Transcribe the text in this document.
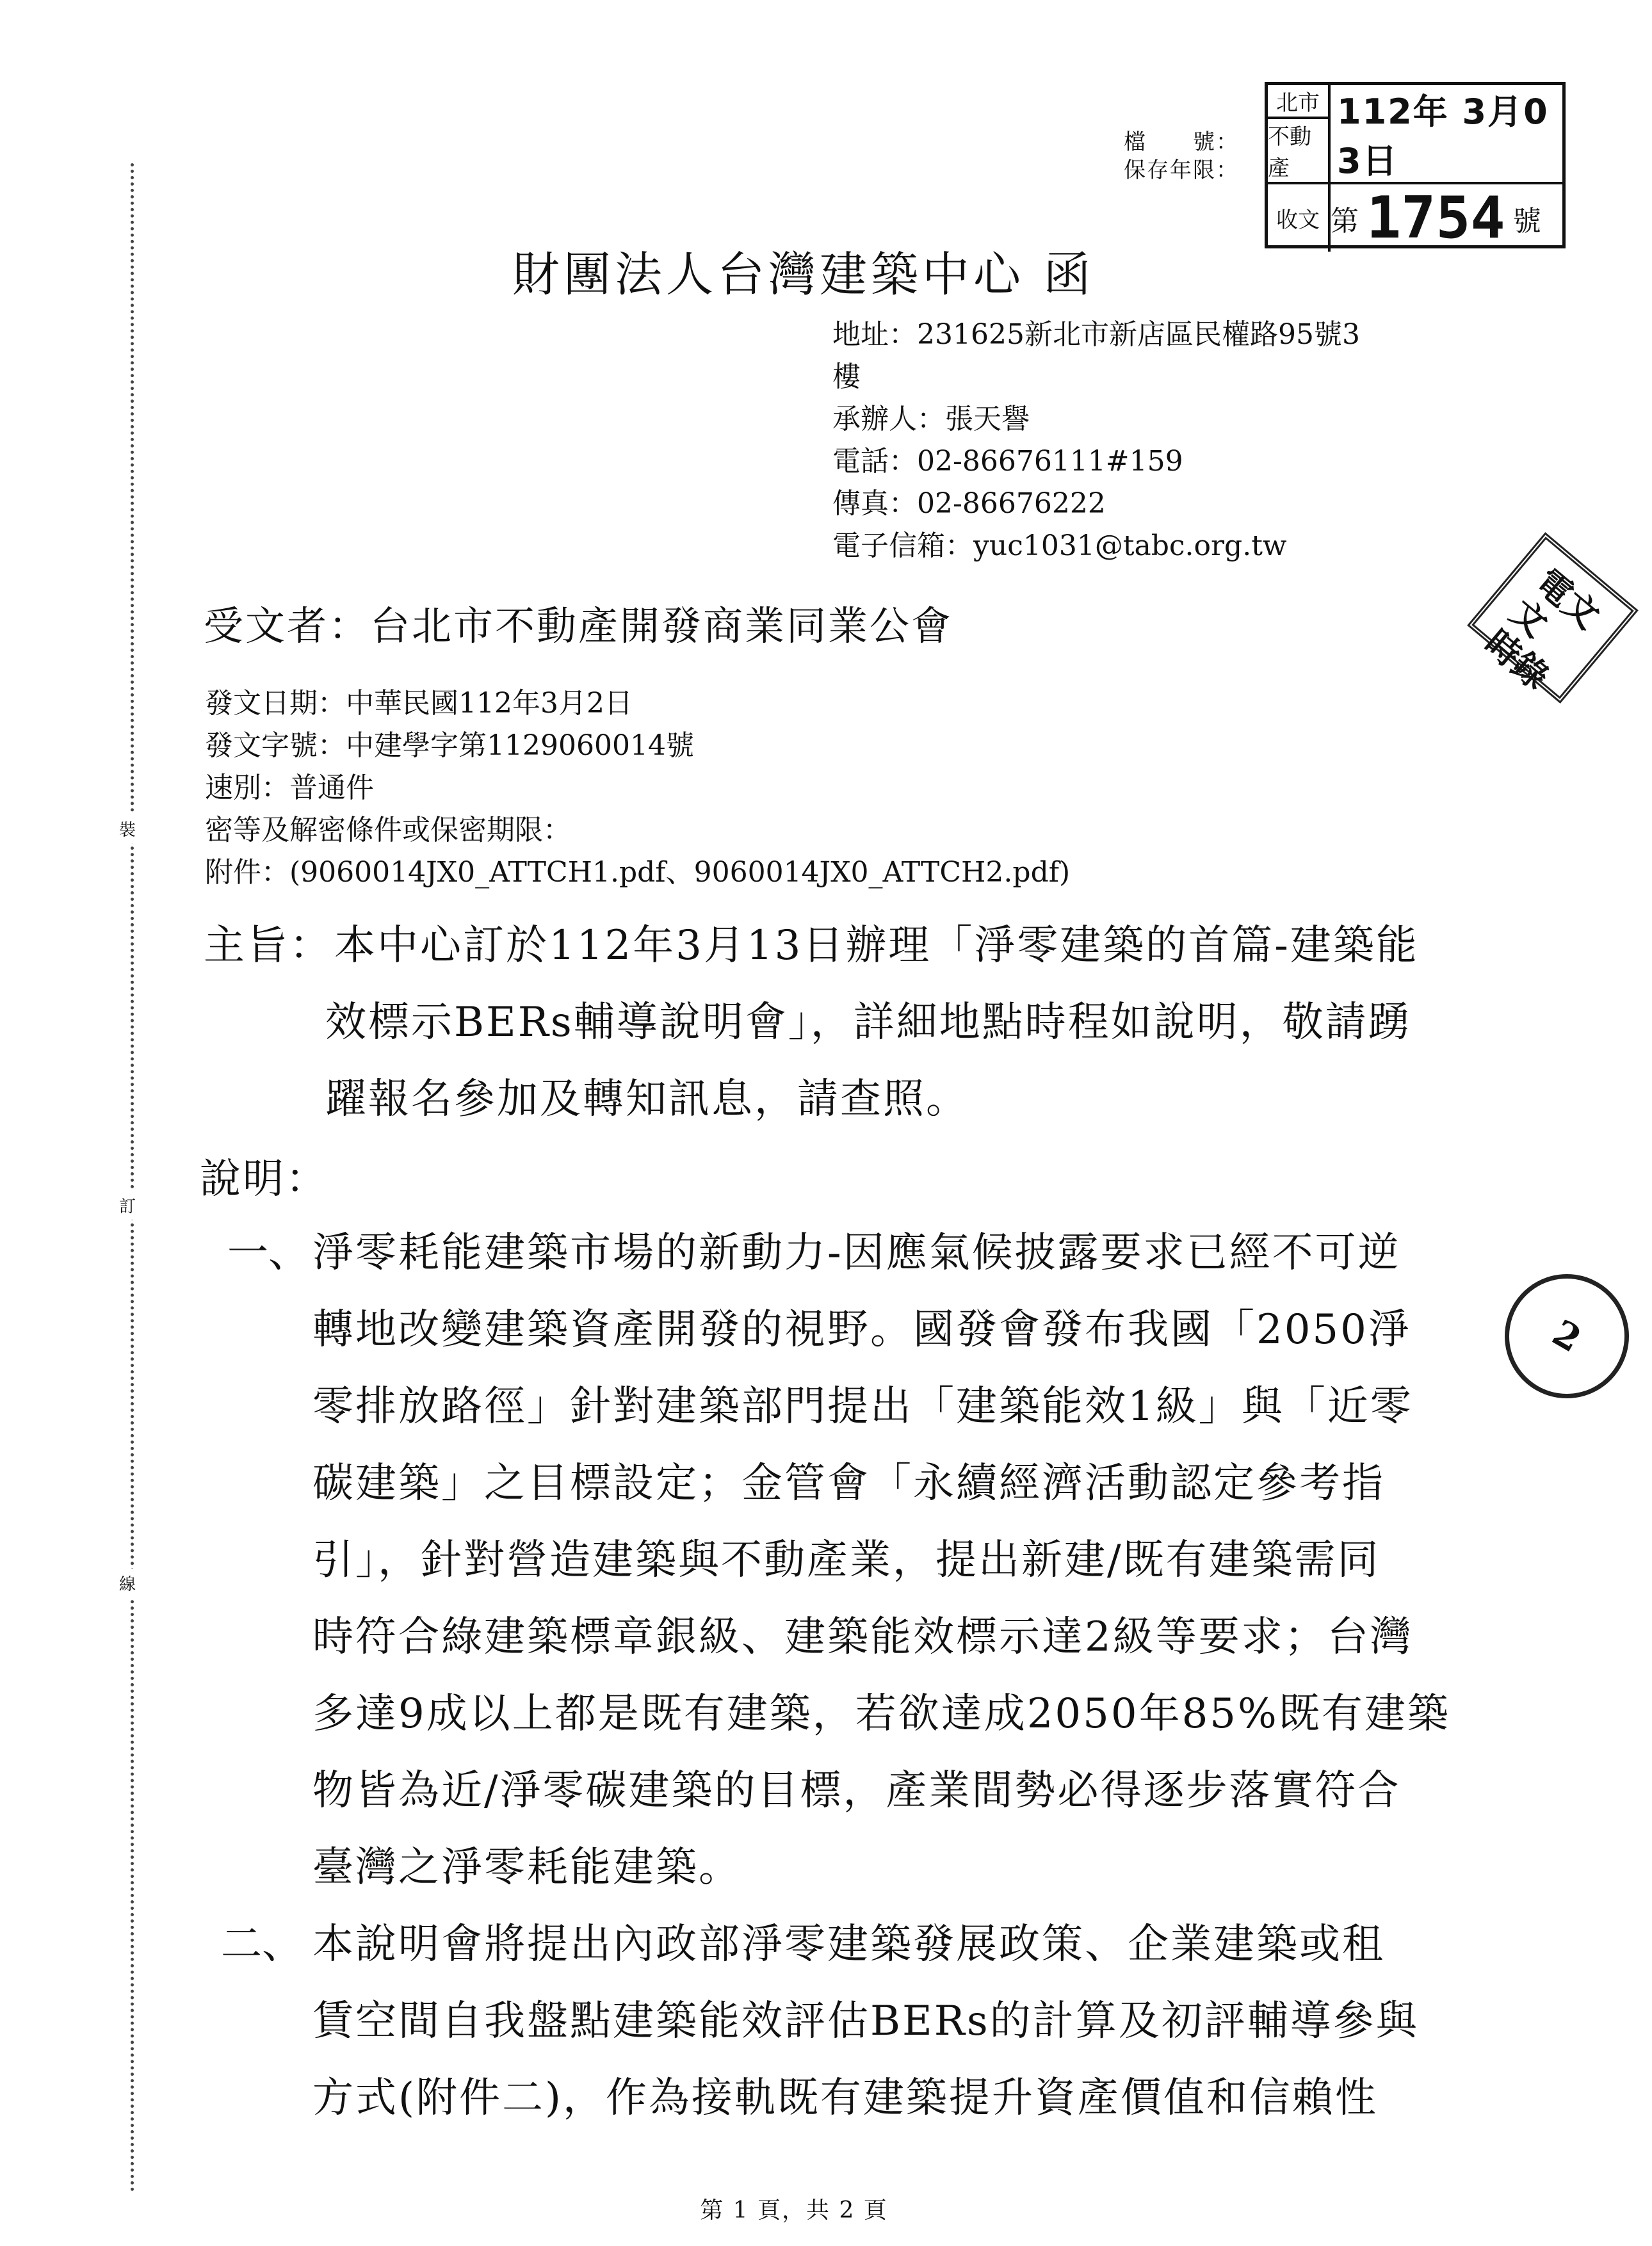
裝
訂
線
檔　　號：
保存年限：
北市 112年 3月0 3日
不動產
收文 第 1754 號
電文文
時錄
2
財團法人台灣建築中心 函
地址：231625新北市新店區民權路95號3
樓
承辦人：張天譽
電話：02-86676111#159
傳真：02-86676222
電子信箱：yuc1031@tabc.org.tw
受文者：台北市不動產開發商業同業公會
發文日期：中華民國112年3月2日
發文字號：中建學字第1129060014號
速別：普通件
密等及解密條件或保密期限：
附件：(9060014JX0_ATTCH1.pdf、9060014JX0_ATTCH2.pdf)
主旨： 本中心訂於112年3月13日辦理「淨零建築的首篇-建築能
效標示BERs輔導說明會」，詳細地點時程如說明，敬請踴
躍報名參加及轉知訊息，請查照。
說明：
一、 淨零耗能建築市場的新動力-因應氣候披露要求已經不可逆
轉地改變建築資產開發的視野。國發會發布我國「2050淨
零排放路徑」針對建築部門提出「建築能效1級」與「近零
碳建築」之目標設定；金管會「永續經濟活動認定參考指
引」，針對營造建築與不動產業，提出新建/既有建築需同
時符合綠建築標章銀級、建築能效標示達2級等要求；台灣
多達9成以上都是既有建築，若欲達成2050年85%既有建築
物皆為近/淨零碳建築的目標，產業間勢必得逐步落實符合
臺灣之淨零耗能建築。
二、 本說明會將提出內政部淨零建築發展政策、企業建築或租
賃空間自我盤點建築能效評估BERs的計算及初評輔導參與
方式(附件二)，作為接軌既有建築提升資產價值和信賴性
第 1 頁，共 2 頁
